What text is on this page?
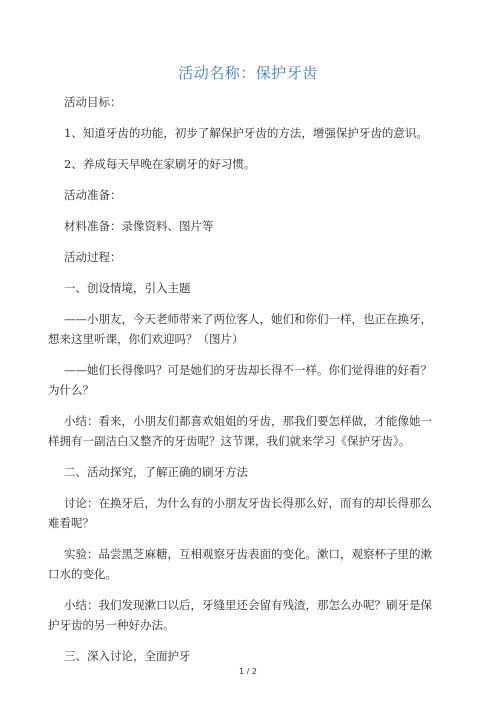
活动名称：保护牙齿

活动目标：

1、知道牙齿的功能，初步了解保护牙齿的方法，增强保护牙齿的意识。

2、养成每天早晚在家刷牙的好习惯。

活动准备：

材料准备：录像资料、图片等

活动过程：

一、创设情境，引入主题

——小朋友，今天老师带来了两位客人，她们和你们一样，也正在换牙，想来这里听课，你们欢迎吗？（图片）

——她们长得像吗？可是她们的牙齿却长得不一样。你们觉得谁的好看？为什么？

小结：看来，小朋友们都喜欢姐姐的牙齿，那我们要怎样做，才能像她一样拥有一副洁白又整齐的牙齿呢？这节课，我们就来学习《保护牙齿》。

二、活动探究，了解正确的刷牙方法

讨论：在换牙后，为什么有的小朋友牙齿长得那么好，而有的却长得那么难看呢？

实验：品尝黑芝麻糖，互相观察牙齿表面的变化。漱口，观察杯子里的漱口水的变化。

小结：我们发现漱口以后，牙缝里还会留有残渣，那怎么办呢？刷牙是保护牙齿的另一种好办法。

三、深入讨论，全面护牙

1 / 2
